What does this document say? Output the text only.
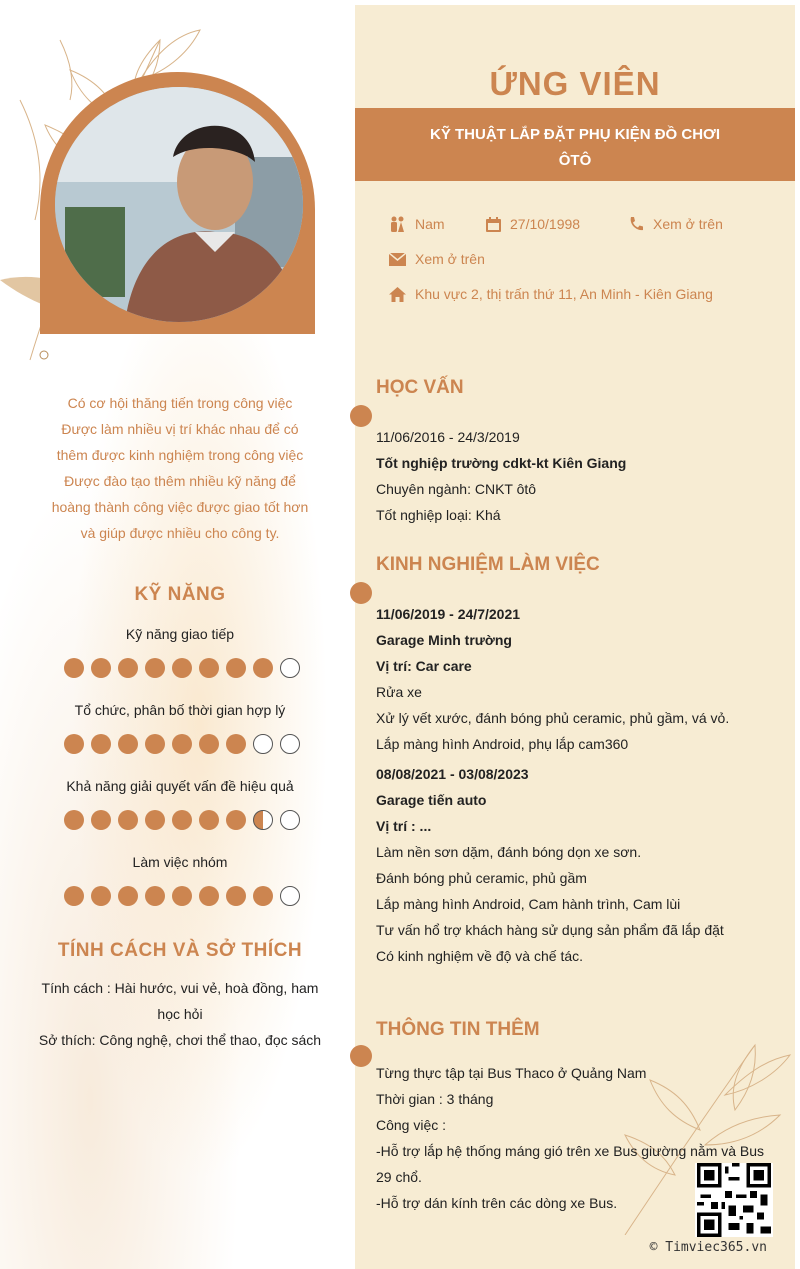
Có cơ hội thăng tiến trong công việc
Được làm nhiều vị trí khác nhau để có
thêm được kinh nghiệm trong công việc
Được đào tạo thêm nhiều kỹ năng để
hoàng thành công việc được giao tốt hơn
và giúp được nhiều cho công ty.
KỸ NĂNG
Kỹ năng giao tiếp
Tổ chức, phân bố thời gian hợp lý
Khả năng giải quyết vấn đề hiệu quả
Làm việc nhóm
TÍNH CÁCH VÀ SỞ THÍCH
Tính cách : Hài hước, vui vẻ, hoà đồng, ham
học hỏi
Sở thích: Công nghệ, chơi thể thao, đọc sách
ỨNG VIÊN
KỸ THUẬT LẮP ĐẶT PHỤ KIỆN ĐỒ CHƠI
ÔTÔ
Nam	27/10/1998	Xem ở trên
Xem ở trên
Khu vực 2, thị trấn thứ 11, An Minh - Kiên Giang
HỌC VẤN
11/06/2016 - 24/3/2019
Tốt nghiệp trường cdkt-kt Kiên Giang
Chuyên ngành: CNKT ôtô
Tốt nghiệp loại: Khá
KINH NGHIỆM LÀM VIỆC
11/06/2019 - 24/7/2021
Garage Minh trường
Vị trí: Car care
Rửa xe
Xử lý vết xước, đánh bóng phủ ceramic, phủ gầm, vá vỏ.
Lắp màng hình Android, phụ lắp cam360
08/08/2021 - 03/08/2023
Garage tiến auto
Vị trí : ...
Làm nền sơn dặm, đánh bóng dọn xe sơn.
Đánh bóng phủ ceramic, phủ gầm
Lắp màng hình Android, Cam hành trình, Cam lùi
Tư vấn hổ trợ khách hàng sử dụng sản phẩm đã lắp đặt
Có kinh nghiệm về độ và chế tác.
THÔNG TIN THÊM
Từng thực tập tại Bus Thaco ở Quảng Nam
Thời gian : 3 tháng
Công việc :
-Hỗ trợ lắp hệ thống máng gió trên xe Bus giường nằm và Bus
29 chổ.
-Hỗ trợ dán kính trên các dòng xe Bus.
© Timviec365.vn
